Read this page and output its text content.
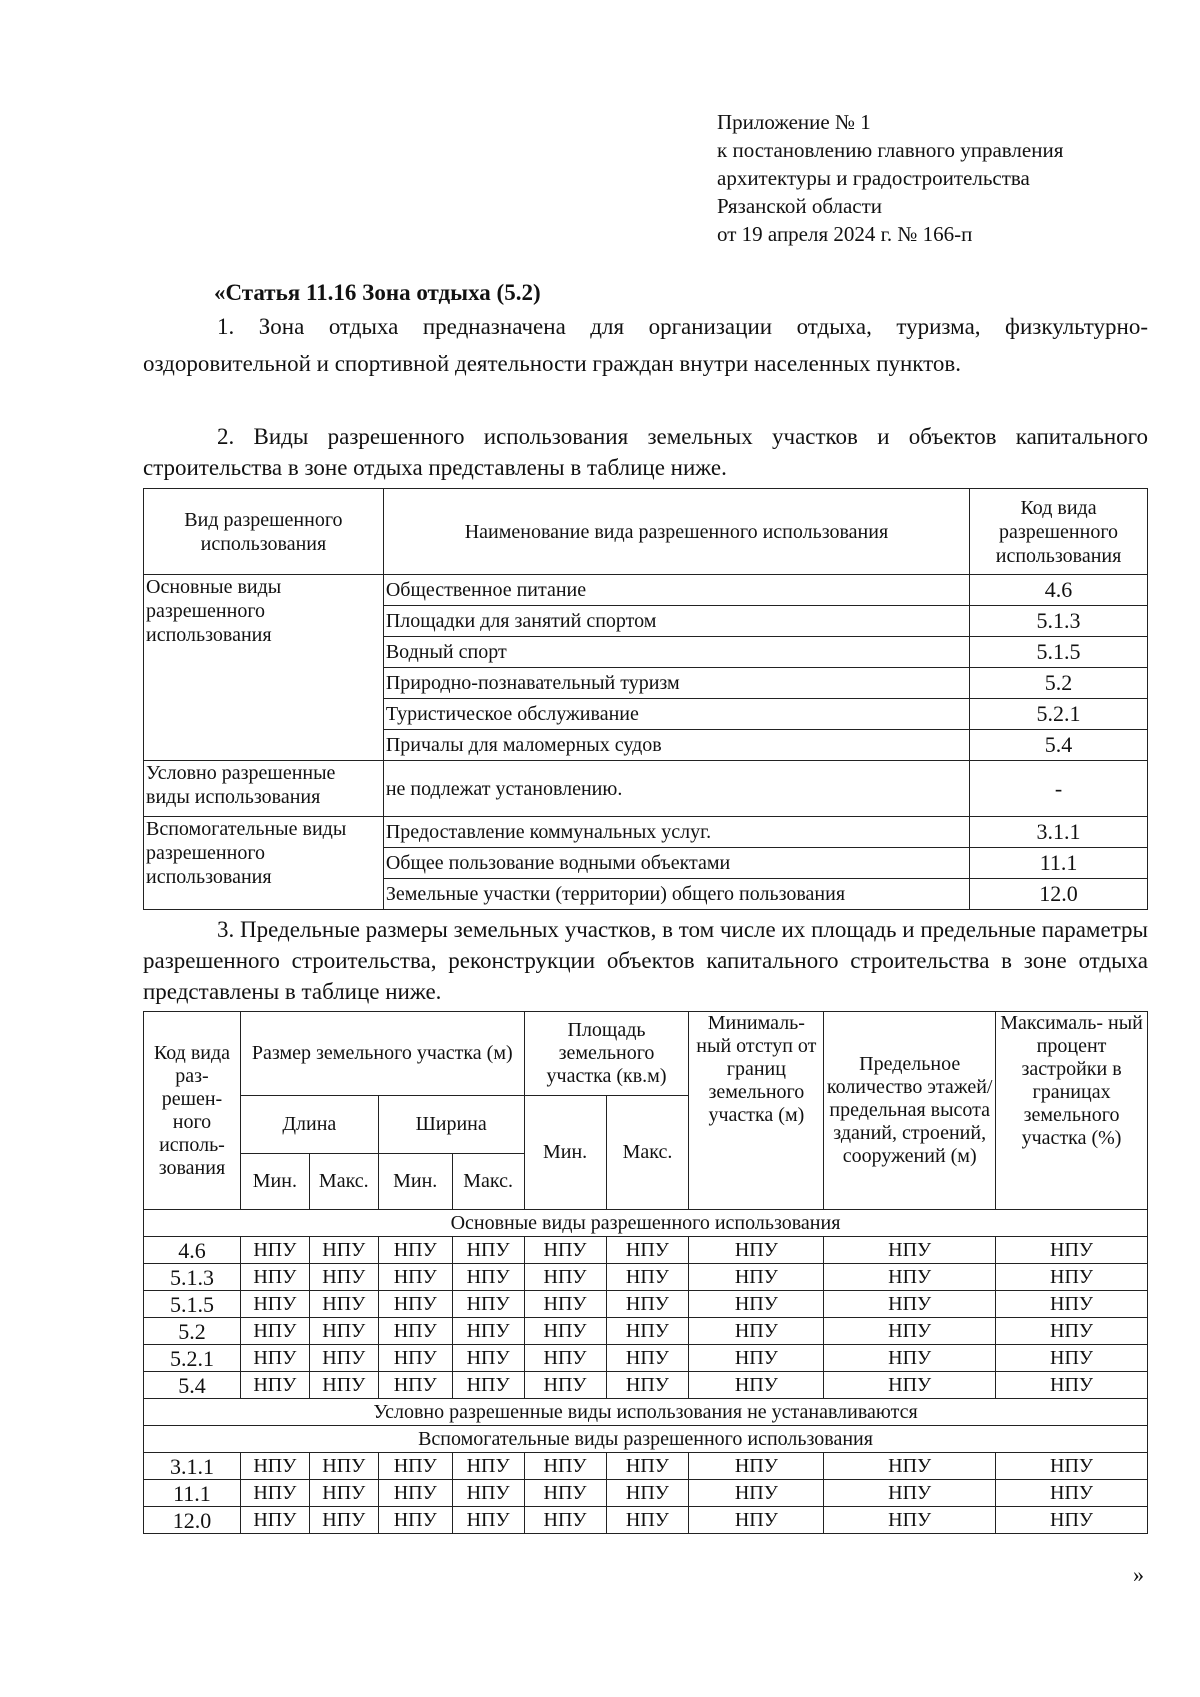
Приложение № 1
к постановлению главного управления
архитектуры и градостроительства
Рязанской области
от 19 апреля 2024 г. № 166-п
«Статья 11.16 Зона отдыха (5.2)

1. Зона отдыха предназначена для организации отдыха, туризма, физкультурно-оздоровительной и спортивной деятельности граждан внутри населенных пунктов.

2. Виды разрешенного использования земельных участков и объектов капитального строительства в зоне отдыха представлены в таблице ниже.

Вид разрешенного использования	Наименование вида разрешенного использования	Код вида разрешенного использования
Основные виды разрешенного использования	Общественное питание	4.6
	Площадки для занятий спортом	5.1.3
	Водный спорт	5.1.5
	Природно-познавательный туризм	5.2
	Туристическое обслуживание	5.2.1
	Причалы для маломерных судов	5.4
Условно разрешенные виды использования	не подлежат установлению.	-
Вспомогательные виды разрешенного использования	Предоставление коммунальных услуг.	3.1.1
	Общее пользование водными объектами	11.1
	Земельные участки (территории) общего пользования	12.0

3. Предельные размеры земельных участков, в том числе их площадь и предельные параметры разрешенного строительства, реконструкции объектов капитального строительства в зоне отдыха представлены в таблице ниже.

Код вида раз- решен- ного исполь- зования	Размер земельного участка (м)				Площадь земельного участка (кв.м)		Минималь- ный отступ от границ земельного участка (м)	Предельное количество этажей/ предельная высота зданий, строений, сооружений (м)	Максималь- ный процент застройки в границах земельного участка (%)
	Длина		Ширина		Мин.	Макс.			
	Мин.	Макс.	Мин.	Макс.					
Основные виды разрешенного использования									
4.6	НПУ	НПУ	НПУ	НПУ	НПУ	НПУ	НПУ	НПУ	НПУ
5.1.3	НПУ	НПУ	НПУ	НПУ	НПУ	НПУ	НПУ	НПУ	НПУ
5.1.5	НПУ	НПУ	НПУ	НПУ	НПУ	НПУ	НПУ	НПУ	НПУ
5.2	НПУ	НПУ	НПУ	НПУ	НПУ	НПУ	НПУ	НПУ	НПУ
5.2.1	НПУ	НПУ	НПУ	НПУ	НПУ	НПУ	НПУ	НПУ	НПУ
5.4	НПУ	НПУ	НПУ	НПУ	НПУ	НПУ	НПУ	НПУ	НПУ
Условно разрешенные виды использования не устанавливаются									
Вспомогательные виды разрешенного использования									
3.1.1	НПУ	НПУ	НПУ	НПУ	НПУ	НПУ	НПУ	НПУ	НПУ
11.1	НПУ	НПУ	НПУ	НПУ	НПУ	НПУ	НПУ	НПУ	НПУ
12.0	НПУ	НПУ	НПУ	НПУ	НПУ	НПУ	НПУ	НПУ	НПУ
»
